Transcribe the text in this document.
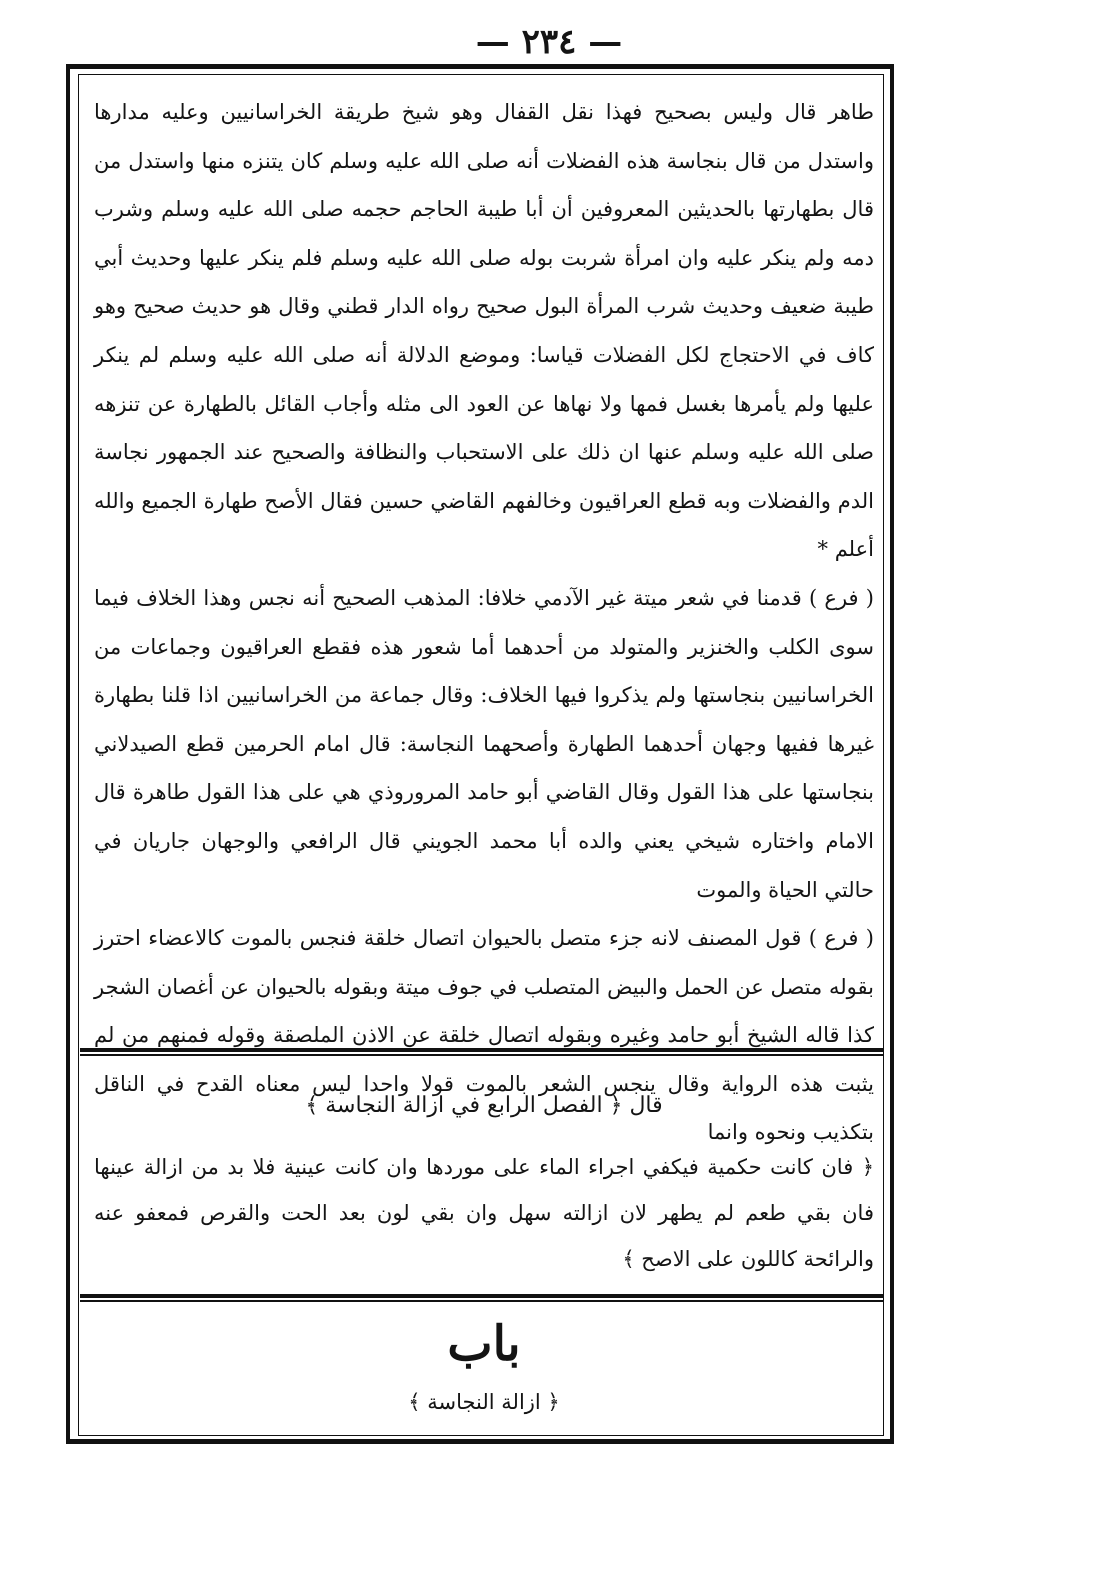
— ٢٣٤ —

طاهر قال وليس بصحيح فهذا نقل القفال وهو شيخ طريقة الخراسانيين وعليه مدارها واستدل من قال بنجاسة هذه الفضلات أنه صلى الله عليه وسلم كان يتنزه منها واستدل من قال بطهارتها بالحديثين المعروفين أن أبا طيبة الحاجم حجمه صلى الله عليه وسلم وشرب دمه ولم ينكر عليه وان امرأة شربت بوله صلى الله عليه وسلم فلم ينكر عليها وحديث أبي طيبة ضعيف وحديث شرب المرأة البول صحيح رواه الدار قطني وقال هو حديث صحيح وهو كاف في الاحتجاج لكل الفضلات قياسا: وموضع الدلالة أنه صلى الله عليه وسلم لم ينكر عليها ولم يأمرها بغسل فمها ولا نهاها عن العود الى مثله وأجاب القائل بالطهارة عن تنزهه صلى الله عليه وسلم عنها ان ذلك على الاستحباب والنظافة والصحيح عند الجمهور نجاسة الدم والفضلات وبه قطع العراقيون وخالفهم القاضي حسين فقال الأصح طهارة الجميع والله أعلم *

( فرع ) قدمنا في شعر ميتة غير الآدمي خلافا: المذهب الصحيح أنه نجس وهذا الخلاف فيما سوى الكلب والخنزير والمتولد من أحدهما أما شعور هذه فقطع العراقيون وجماعات من الخراسانيين بنجاستها ولم يذكروا فيها الخلاف: وقال جماعة من الخراسانيين اذا قلنا بطهارة غيرها ففيها وجهان أحدهما الطهارة وأصحهما النجاسة: قال امام الحرمين قطع الصيدلاني بنجاستها على هذا القول وقال القاضي أبو حامد المروروذي هي على هذا القول طاهرة قال الامام واختاره شيخي يعني والده أبا محمد الجويني قال الرافعي والوجهان جاريان في حالتي الحياة والموت

( فرع ) قول المصنف لانه جزء متصل بالحيوان اتصال خلقة فنجس بالموت كالاعضاء احترز بقوله متصل عن الحمل والبيض المتصلب في جوف ميتة وبقوله بالحيوان عن أغصان الشجر كذا قاله الشيخ أبو حامد وغيره وبقوله اتصال خلقة عن الاذن الملصقة وقوله فمنهم من لم يثبت هذه الرواية وقال ينجس الشعر بالموت قولا واحدا ليس معناه القدح في الناقل بتكذيب ونحوه وانما

قال ﴿ الفصل الرابع في ازالة النجاسة ﴾

﴿ فان كانت حكمية فيكفي اجراء الماء على موردها وان كانت عينية فلا بد من ازالة عينها فان بقي طعم لم يطهر لان ازالته سهل وان بقي لون بعد الحت والقرص فمعفو عنه والرائحة كاللون على الاصح ﴾

باب
﴿ ازالة النجاسة ﴾
